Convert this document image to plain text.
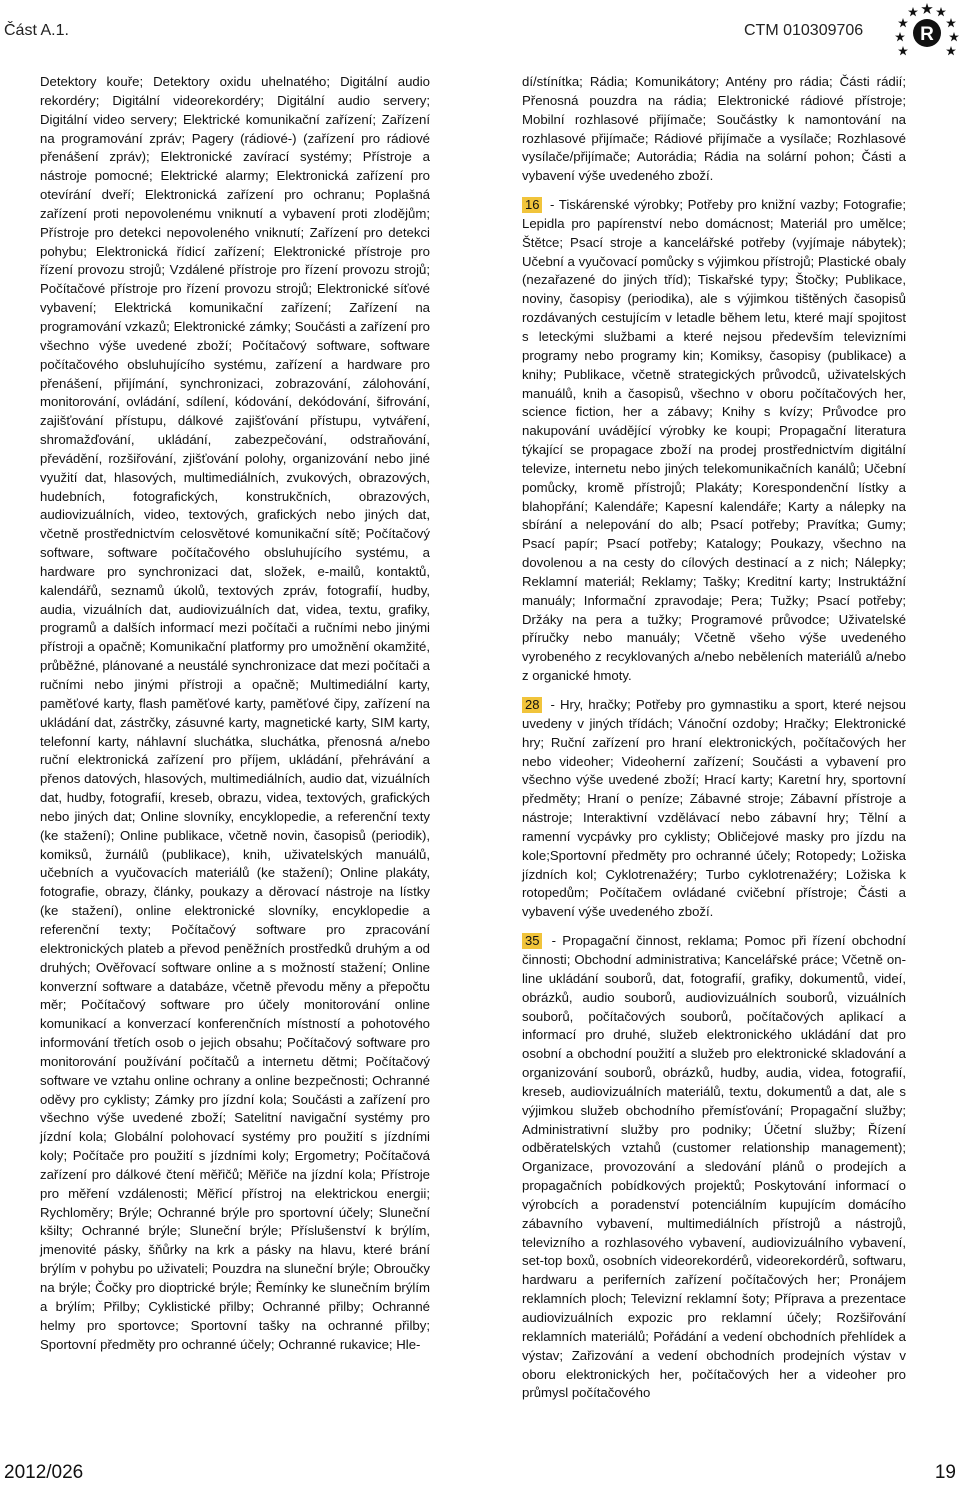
Část A.1.	CTM 010309706	R

Detektory kouře; Detektory oxidu uhelnatého; Digitální audio rekordéry; Digitální videorekordéry; Digitální audio servery; Digitální video servery; Elektrické komunikační zařízení; Zařízení na programování zpráv; Pagery (rádiové-) (zařízení pro rádiové přenášení zpráv); Elektronické zavírací systémy; Přístroje a nástroje pomocné; Elektrické alarmy; Elektronická zařízení pro otevírání dveří; Elektronická zařízení pro ochranu; Poplašná zařízení proti nepovolenému vniknutí a vybavení proti zlodějům; Přístroje pro detekci nepovoleného vniknutí; Zařízení pro detekci pohybu; Elektronická řídicí zařízení; Elektronické přístroje pro řízení provozu strojů; Vzdálené přístroje pro řízení provozu strojů; Počítačové přístroje pro řízení provozu strojů; Elektronické síťové vybavení; Elektrická komunikační zařízení; Zařízení na programování vzkazů; Elektronické zámky; Součásti a zařízení pro všechno výše uvedené zboží; Počítačový software, software počítačového obsluhujícího systému, zařízení a hardware pro přenášení, přijímání, synchronizaci, zobrazování, zálohování, monitorování, ovládání, sdílení, kódování, dekódování, šifrování, zajišťování přístupu, dálkové zajišťování přístupu, vytváření, shromažďování, ukládání, zabezpečování, odstraňování, převádění, rozšiřování, zjišťování polohy, organizování nebo jiné využití dat, hlasových, multimediálních, zvukových, obrazových, hudebních, fotografických, konstrukčních, obrazových, audiovizuálních, video, textových, grafických nebo jiných dat, včetně prostřednictvím celosvětové komunikační sítě; Počítačový software, software počítačového obsluhujícího systému, a hardware pro synchronizaci dat, složek, e-mailů, kontaktů, kalendářů, seznamů úkolů, textových zpráv, fotografií, hudby, audia, vizuálních dat, audiovizuálních dat, videa, textu, grafiky, programů a dalších informací mezi počítači a ručními nebo jinými přístroji a opačně; Komunikační platformy pro umožnění okamžité, průběžné, plánované a neustálé synchronizace dat mezi počítači a ručními nebo jinými přístroji a opačně; Multimediální karty, paměťové karty, flash paměťové karty, paměťové čipy, zařízení na ukládání dat, zástrčky, zásuvné karty, magnetické karty, SIM karty, telefonní karty, náhlavní sluchátka, sluchátka, přenosná a/nebo ruční elektronická zařízení pro příjem, ukládání, přehrávání a přenos datových, hlasových, multimediálních, audio dat, vizuálních dat, hudby, fotografií, kreseb, obrazu, videa, textových, grafických nebo jiných dat; Online slovníky, encyklopedie, a referenční texty (ke stažení); Online publikace, včetně novin, časopisů (periodik), komiksů, žurnálů (publikace), knih, uživatelských manuálů, učebních a vyučovacích materiálů (ke stažení); Online plakáty, fotografie, obrazy, články, poukazy a děrovací nástroje na lístky (ke stažení), online elektronické slovníky, encyklopedie a referenční texty; Počítačový software pro zpracování elektronických plateb a převod peněžních prostředků druhým a od druhých; Ověřovací software online a s možností stažení; Online konverzní software a databáze, včetně převodu měny a přepočtu měr; Počítačový software pro účely monitorování online komunikací a konverzací konferenčních místností a pohotového informování třetích osob o jejich obsahu; Počítačový software pro monitorování používání počítačů a internetu dětmi; Počítačový software ve vztahu online ochrany a online bezpečnosti; Ochranné oděvy pro cyklisty; Zámky pro jízdní kola; Součásti a zařízení pro všechno výše uvedené zboží; Satelitní navigační systémy pro jízdní kola; Globální polohovací systémy pro použití s jízdními koly; Počítače pro použití s jízdními koly; Ergometry; Počítačová zařízení pro dálkové čtení měřičů; Měřiče na jízdní kola; Přístroje pro měření vzdálenosti; Měřicí přístroj na elektrickou energii; Rychloměry; Brýle; Ochranné brýle pro sportovní účely; Sluneční kšilty; Ochranné brýle; Sluneční brýle; Příslušenství k brýlím, jmenovité pásky, šňůrky na krk a pásky na hlavu, které brání brýlím v pohybu po uživateli; Pouzdra na sluneční brýle; Obroučky na brýle; Čočky pro dioptrické brýle; Řemínky ke slunečním brýlím a brýlím; Přilby; Cyklistické přilby; Ochranné přilby; Ochranné helmy pro sportovce; Sportovní tašky na ochranné přilby; Sportovní předměty pro ochranné účely; Ochranné rukavice; Hle-

dí/stínítka; Rádia; Komunikátory; Antény pro rádia; Části rádií; Přenosná pouzdra na rádia; Elektronické rádiové přístroje; Mobilní rozhlasové přijímače; Součástky k namontování na rozhlasové přijímače; Rádiové přijímače a vysílače; Rozhlasové vysílače/přijímače; Autorádia; Rádia na solární pohon; Části a vybavení výše uvedeného zboží.

16 - Tiskárenské výrobky; Potřeby pro knižní vazby; Fotografie; Lepidla pro papírenství nebo domácnost; Materiál pro umělce; Štětce; Psací stroje a kancelářské potřeby (vyjímaje nábytek); Učební a vyučovací pomůcky s výjimkou přístrojů; Plastické obaly (nezařazené do jiných tříd); Tiskařské typy; Štočky; Publikace, noviny, časopisy (periodika), ale s výjimkou tištěných časopisů rozdávaných cestujícím v letadle během letu, které mají spojitost s leteckými službami a které nejsou především televizními programy nebo programy kin; Komiksy, časopisy (publikace) a knihy; Publikace, včetně strategických průvodců, uživatelských manuálů, knih a časopisů, všechno v oboru počítačových her, science fiction, her a zábavy; Knihy s kvízy; Průvodce pro nakupování uvádějící výrobky ke koupi; Propagační literatura týkající se propagace zboží na prodej prostřednictvím digitální televize, internetu nebo jiných telekomunikačních kanálů; Učební pomůcky, kromě přístrojů; Plakáty; Korespondenční lístky a blahopřání; Kalendáře; Kapesní kalendáře; Karty a nálepky na sbírání a nelepování do alb; Psací potřeby; Pravítka; Gumy; Psací papír; Psací potřeby; Katalogy; Poukazy, všechno na dovolenou a na cesty do cílových destinací a z nich; Nálepky; Reklamní materiál; Reklamy; Tašky; Kreditní karty; Instruktážní manuály; Informační zpravodaje; Pera; Tužky; Psací potřeby; Držáky na pera a tužky; Programové průvodce; Uživatelské příručky nebo manuály; Včetně všeho výše uvedeného vyrobeného z recyklovaných a/nebo neběleních materiálů a/nebo z organické hmoty.

28 - Hry, hračky; Potřeby pro gymnastiku a sport, které nejsou uvedeny v jiných třídách; Vánoční ozdoby; Hračky; Elektronické hry; Ruční zařízení pro hraní elektronických, počítačových her nebo videoher; Videoherní zařízení; Součásti a vybavení pro všechno výše uvedené zboží; Hrací karty; Karetní hry, sportovní předměty; Hraní o peníze; Zábavné stroje; Zábavní přístroje a nástroje; Interaktivní vzdělávací nebo zábavní hry; Tělní a ramenní vycpávky pro cyklisty; Obličejové masky pro jízdu na kole;Sportovní předměty pro ochranné účely; Rotopedy; Ložiska jízdních kol; Cyklotrenažéry; Turbo cyklotrenažéry; Ložiska k rotopedům; Počítačem ovládané cvičební přístroje; Části a vybavení výše uvedeného zboží.

35 - Propagační činnost, reklama; Pomoc při řízení obchodní činnosti; Obchodní administrativa; Kancelářské práce; Včetně on-line ukládání souborů, dat, fotografií, grafiky, dokumentů, videí, obrázků, audio souborů, audiovizuálních souborů, vizuálních souborů, počítačových souborů, počítačových aplikací a informací pro druhé, služeb elektronického ukládání dat pro osobní a obchodní použití a služeb pro elektronické skladování a organizování souborů, obrázků, hudby, audia, videa, fotografií, kreseb, audiovizuálních materiálů, textu, dokumentů a dat, ale s výjimkou služeb obchodního přemísťování; Propagační služby; Administrativní služby pro podniky; Účetní služby; Řízení odběratelských vztahů (customer relationship management); Organizace, provozování a sledování plánů o prodejích a propagačních pobídkových projektů; Poskytování informací o výrobcích a poradenství potenciálním kupujícím domácího zábavního vybavení, multimediálních přístrojů a nástrojů, televizního a rozhlasového vybavení, audiovizuálního vybavení, set-top boxů, osobních videorekordérů, videorekordérů, softwaru, hardwaru a periferních zařízení počítačových her; Pronájem reklamních ploch; Televizní reklamní šoty; Příprava a prezentace audiovizuálních expozic pro reklamní účely; Rozšiřování reklamních materiálů; Pořádání a vedení obchodních přehlídek a výstav; Zařizování a vedení obchodních prodejních výstav v oboru elektronických her, počítačových her a videoher pro průmysl počítačového

2012/026	19
